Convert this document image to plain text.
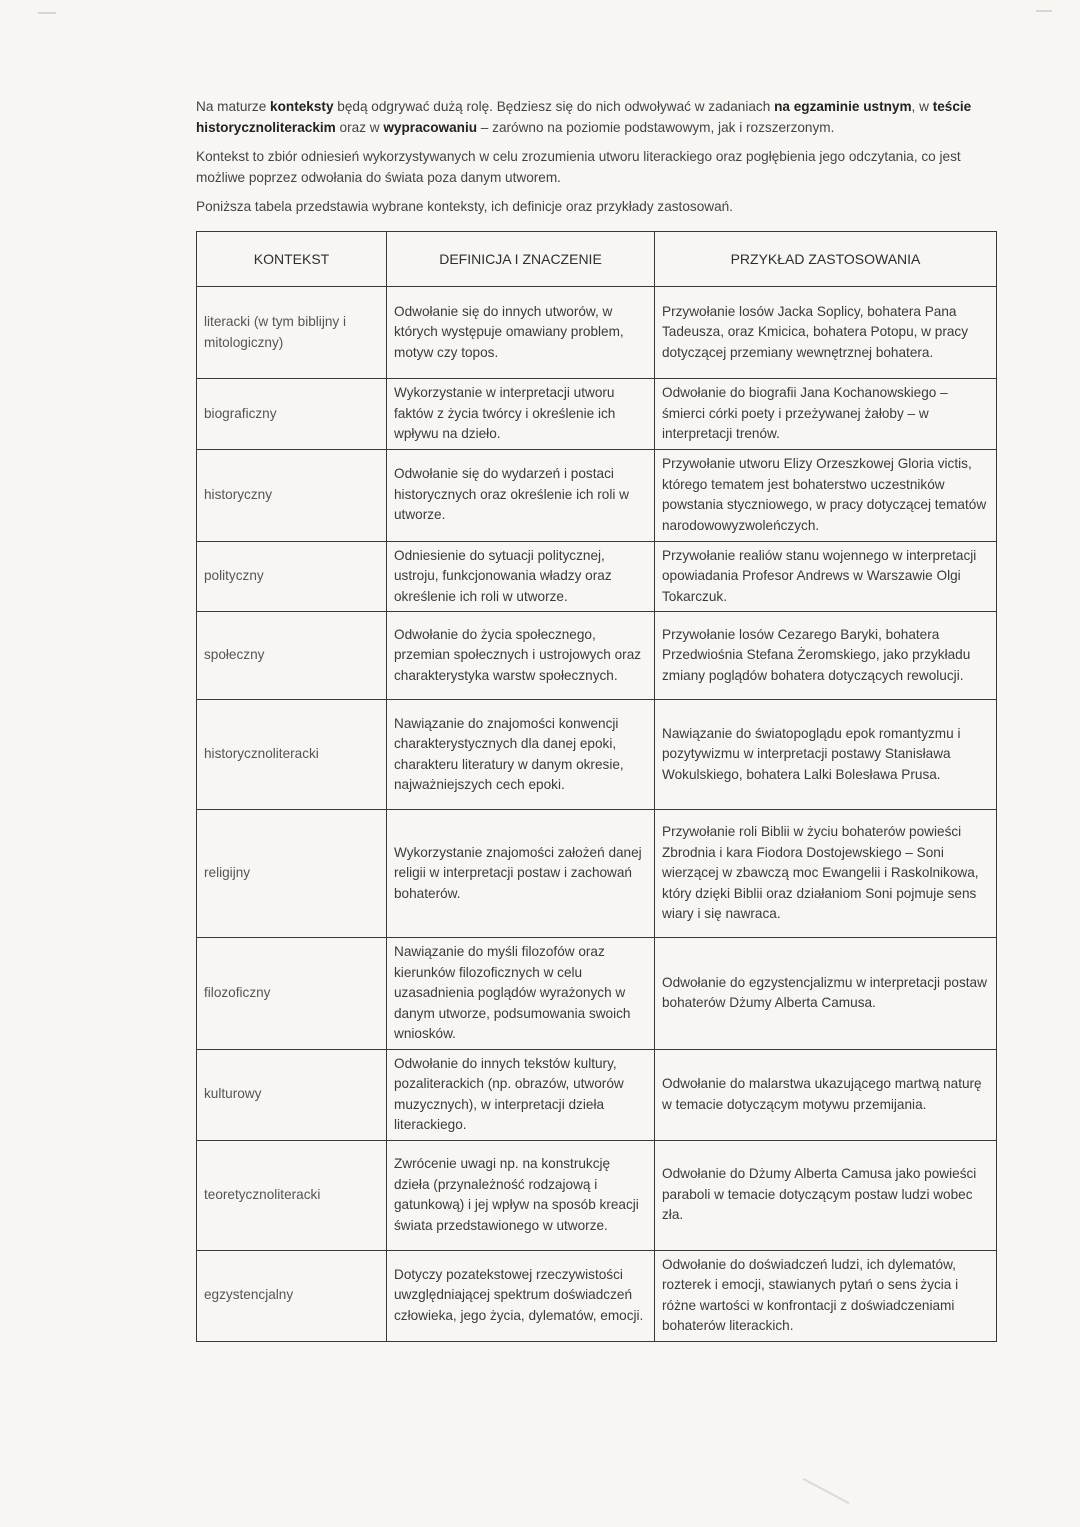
Na maturze konteksty będą odgrywać dużą rolę. Będziesz się do nich odwoływać w zadaniach na egzaminie ustnym, w teście historycznoliterackim oraz w wypracowaniu – zarówno na poziomie podstawowym, jak i rozszerzonym.

Kontekst to zbiór odniesień wykorzystywanych w celu zrozumienia utworu literackiego oraz pogłębienia jego odczytania, co jest możliwe poprzez odwołania do świata poza danym utworem.

Poniższa tabela przedstawia wybrane konteksty, ich definicje oraz przykłady zastosowań.

KONTEKST	DEFINICJA I ZNACZENIE	PRZYKŁAD ZASTOSOWANIA
literacki (w tym biblijny i mitologiczny)	Odwołanie się do innych utworów, w których występuje omawiany problem, motyw czy topos.	Przywołanie losów Jacka Soplicy, bohatera Pana Tadeusza, oraz Kmicica, bohatera Potopu, w pracy dotyczącej przemiany wewnętrznej bohatera.
biograficzny	Wykorzystanie w interpretacji utworu faktów z życia twórcy i określenie ich wpływu na dzieło.	Odwołanie do biografii Jana Kochanowskiego – śmierci córki poety i przeżywanej żałoby – w interpretacji trenów.
historyczny	Odwołanie się do wydarzeń i postaci historycznych oraz określenie ich roli w utworze.	Przywołanie utworu Elizy Orzeszkowej Gloria victis, którego tematem jest bohaterstwo uczestników powstania styczniowego, w pracy dotyczącej tematów narodowowyzwoleńczych.
polityczny	Odniesienie do sytuacji politycznej, ustroju, funkcjonowania władzy oraz określenie ich roli w utworze.	Przywołanie realiów stanu wojennego w interpretacji opowiadania Profesor Andrews w Warszawie Olgi Tokarczuk.
społeczny	Odwołanie do życia społecznego, przemian społecznych i ustrojowych oraz charakterystyka warstw społecznych.	Przywołanie losów Cezarego Baryki, bohatera Przedwiośnia Stefana Żeromskiego, jako przykładu zmiany poglądów bohatera dotyczących rewolucji.
historycznoliteracki	Nawiązanie do znajomości konwencji charakterystycznych dla danej epoki, charakteru literatury w danym okresie, najważniejszych cech epoki.	Nawiązanie do światopoglądu epok romantyzmu i pozytywizmu w interpretacji postawy Stanisława Wokulskiego, bohatera Lalki Bolesława Prusa.
religijny	Wykorzystanie znajomości założeń danej religii w interpretacji postaw i zachowań bohaterów.	Przywołanie roli Biblii w życiu bohaterów powieści Zbrodnia i kara Fiodora Dostojewskiego – Soni wierzącej w zbawczą moc Ewangelii i Raskolnikowa, który dzięki Biblii oraz działaniom Soni pojmuje sens wiary i się nawraca.
filozoficzny	Nawiązanie do myśli filozofów oraz kierunków filozoficznych w celu uzasadnienia poglądów wyrażonych w danym utworze, podsumowania swoich wniosków.	Odwołanie do egzystencjalizmu w interpretacji postaw bohaterów Dżumy Alberta Camusa.
kulturowy	Odwołanie do innych tekstów kultury, pozaliterackich (np. obrazów, utworów muzycznych), w interpretacji dzieła literackiego.	Odwołanie do malarstwa ukazującego martwą naturę w temacie dotyczącym motywu przemijania.
teoretycznoliteracki	Zwrócenie uwagi np. na konstrukcję dzieła (przynależność rodzajową i gatunkową) i jej wpływ na sposób kreacji świata przedstawionego w utworze.	Odwołanie do Dżumy Alberta Camusa jako powieści paraboli w temacie dotyczącym postaw ludzi wobec zła.
egzystencjalny	Dotyczy pozatekstowej rzeczywistości uwzględniającej spektrum doświadczeń człowieka, jego życia, dylematów, emocji.	Odwołanie do doświadczeń ludzi, ich dylematów, rozterek i emocji, stawianych pytań o sens życia i różne wartości w konfrontacji z doświadczeniami bohaterów literackich.
